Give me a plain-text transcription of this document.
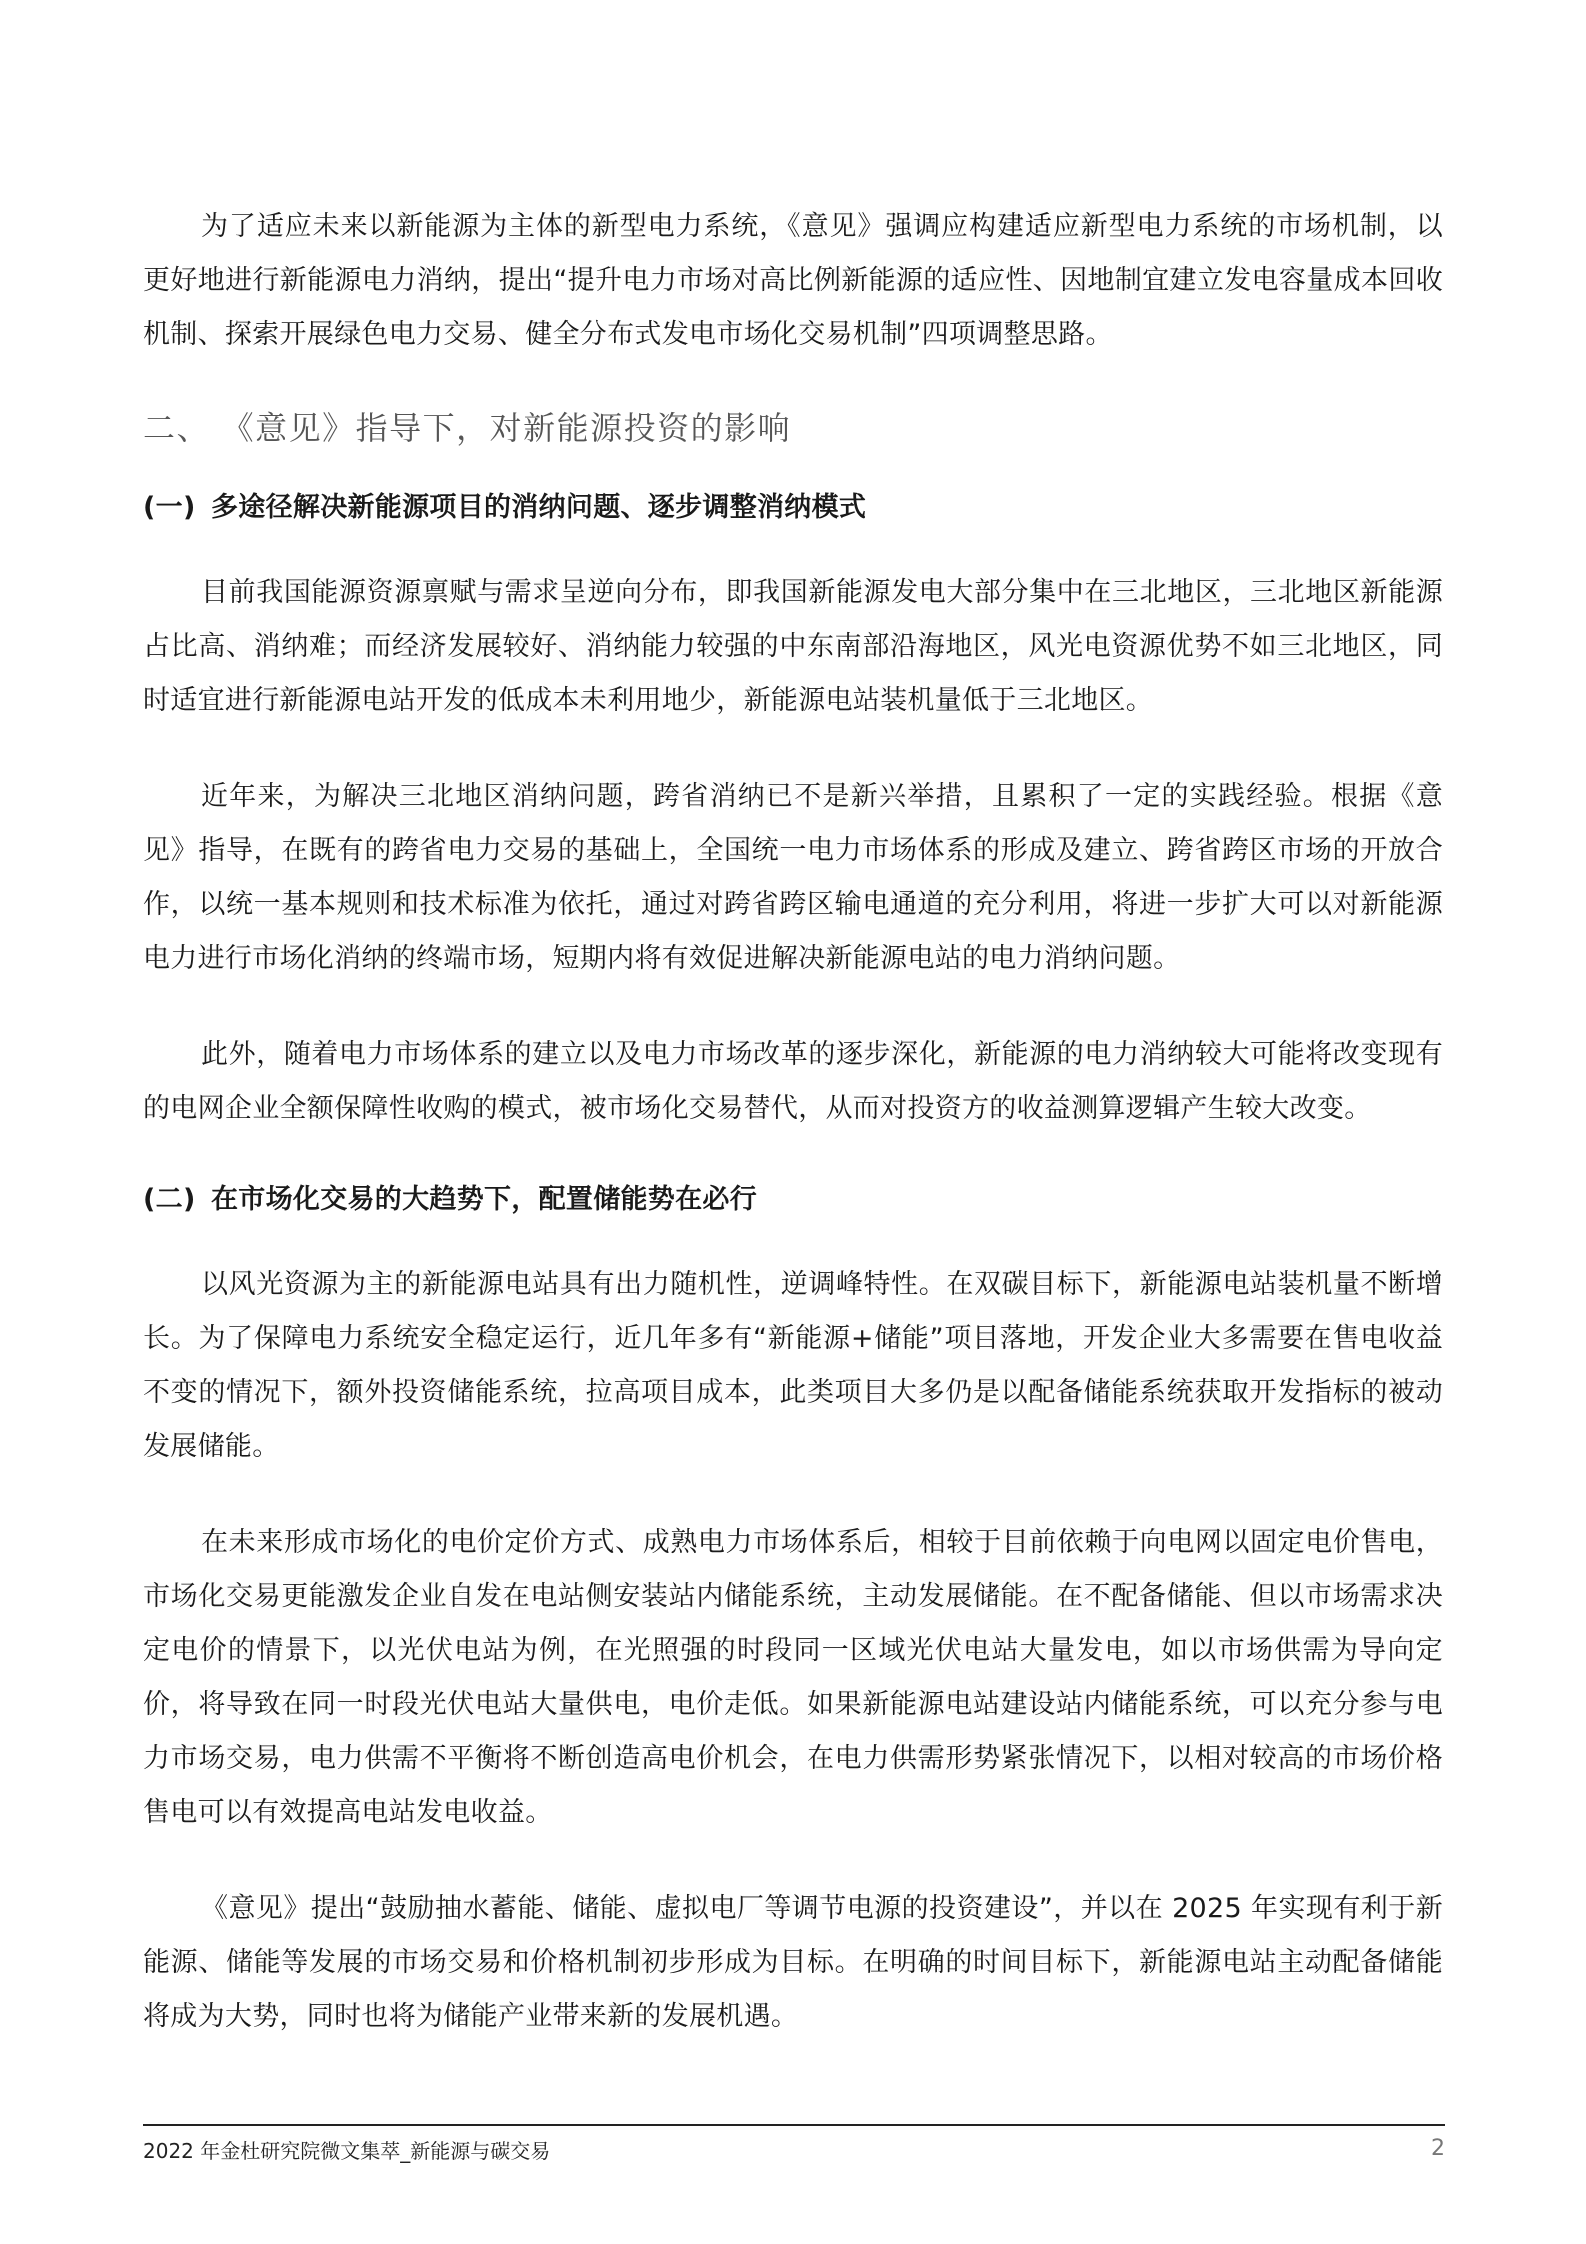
为了适应未来以新能源为主体的新型电力系统，《意见》强调应构建适应新型电力系统的市场机制，以更好地进行新能源电力消纳，提出“提升电力市场对高比例新能源的适应性、因地制宜建立发电容量成本回收机制、探索开展绿色电力交易、健全分布式发电市场化交易机制”四项调整思路。

二、 《意见》指导下，对新能源投资的影响
(一) 多途径解决新能源项目的消纳问题、逐步调整消纳模式

目前我国能源资源禀赋与需求呈逆向分布，即我国新能源发电大部分集中在三北地区，三北地区新能源占比高、消纳难；而经济发展较好、消纳能力较强的中东南部沿海地区，风光电资源优势不如三北地区，同时适宜进行新能源电站开发的低成本未利用地少，新能源电站装机量低于三北地区。

近年来，为解决三北地区消纳问题，跨省消纳已不是新兴举措，且累积了一定的实践经验。根据《意见》指导，在既有的跨省电力交易的基础上，全国统一电力市场体系的形成及建立、跨省跨区市场的开放合作，以统一基本规则和技术标准为依托，通过对跨省跨区输电通道的充分利用，将进一步扩大可以对新能源电力进行市场化消纳的终端市场，短期内将有效促进解决新能源电站的电力消纳问题。

此外，随着电力市场体系的建立以及电力市场改革的逐步深化，新能源的电力消纳较大可能将改变现有的电网企业全额保障性收购的模式，被市场化交易替代，从而对投资方的收益测算逻辑产生较大改变。

(二) 在市场化交易的大趋势下，配置储能势在必行

以风光资源为主的新能源电站具有出力随机性，逆调峰特性。在双碳目标下，新能源电站装机量不断增长。为了保障电力系统安全稳定运行，近几年多有“新能源+储能”项目落地，开发企业大多需要在售电收益不变的情况下，额外投资储能系统，拉高项目成本，此类项目大多仍是以配备储能系统获取开发指标的被动发展储能。

在未来形成市场化的电价定价方式、成熟电力市场体系后，相较于目前依赖于向电网以固定电价售电，市场化交易更能激发企业自发在电站侧安装站内储能系统，主动发展储能。在不配备储能、但以市场需求决定电价的情景下，以光伏电站为例，在光照强的时段同一区域光伏电站大量发电，如以市场供需为导向定价，将导致在同一时段光伏电站大量供电，电价走低。如果新能源电站建设站内储能系统，可以充分参与电力市场交易，电力供需不平衡将不断创造高电价机会，在电力供需形势紧张情况下，以相对较高的市场价格售电可以有效提高电站发电收益。

《意见》提出“鼓励抽水蓄能、储能、虚拟电厂等调节电源的投资建设”，并以在 2025 年实现有利于新能源、储能等发展的市场交易和价格机制初步形成为目标。在明确的时间目标下，新能源电站主动配备储能将成为大势，同时也将为储能产业带来新的发展机遇。

2022 年金杜研究院微文集萃_新能源与碳交易	2
